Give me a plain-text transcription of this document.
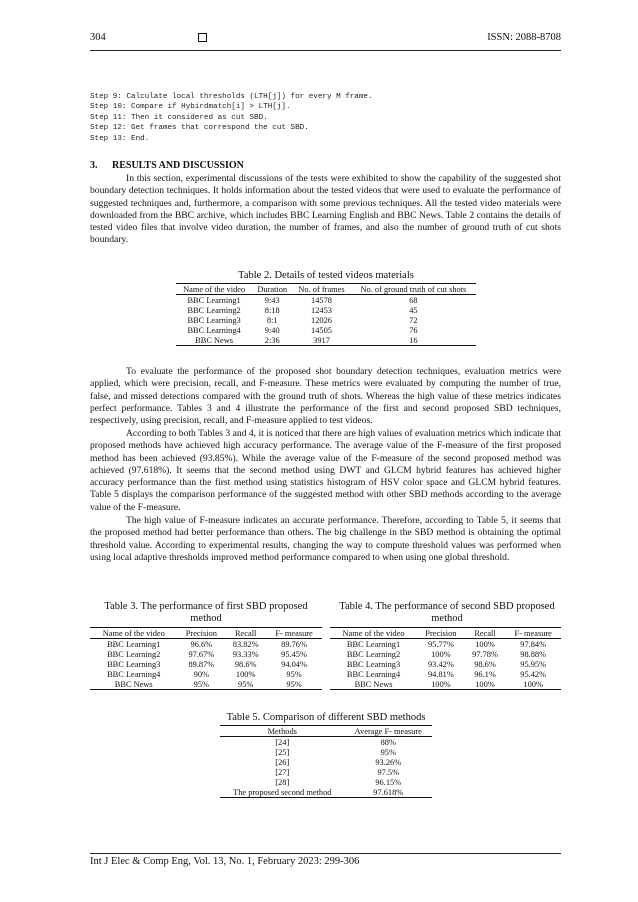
304	ISSN: 2088-8708
Step 9: Calculate local thresholds (LTH[j]) for every M frame.
Step 10: Compare if Hybirdmatch[i] > LTH[j].
Step 11: Then it considered as cut SBD.
Step 12: Get frames that correspond the cut SBD.
Step 13: End.
3. RESULTS AND DISCUSSION
In this section, experimental discussions of the tests were exhibited to show the capability of the suggested shot boundary detection techniques. It holds information about the tested videos that were used to evaluate the performance of suggested techniques and, furthermore, a comparison with some previous techniques. All the tested video materials were downloaded from the BBC archive, which includes BBC Learning English and BBC News. Table 2 contains the details of tested video files that involve video duration, the number of frames, and also the number of ground truth of cut shots boundary.
Table 2. Details of tested videos materials
Name of the video	Duration	No. of frames	No. of ground truth of cut shots
BBC Learning1	9:43	14578	68
BBC Learning2	8:18	12453	45
BBC Learning3	8:1	12026	72
BBC Learning4	9:40	14505	76
BBC News	2:36	3917	16
To evaluate the performance of the proposed shot boundary detection techniques, evaluation metrics were applied, which were precision, recall, and F-measure. These metrics were evaluated by computing the number of true, false, and missed detections compared with the ground truth of shots. Whereas the high value of these metrics indicates perfect performance. Tables 3 and 4 illustrate the performance of the first and second proposed SBD techniques, respectively, using precision, recall, and F-measure applied to test videos.
According to both Tables 3 and 4, it is noticed that there are high values of evaluation metrics which indicate that proposed methods have achieved high accuracy performance. The average value of the F-measure of the first proposed method has been achieved (93.85%). While the average value of the F-measure of the second proposed method was achieved (97.618%). It seems that the second method using DWT and GLCM hybrid features has achieved higher accuracy performance than the first method using statistics histogram of HSV color space and GLCM hybrid features. Table 5 displays the comparison performance of the suggested method with other SBD methods according to the average value of the F-measure.
The high value of F-measure indicates an accurate performance. Therefore, according to Table 5, it seems that the proposed method had better performance than others. The big challenge in the SBD method is obtaining the optimal threshold value. According to experimental results, changing the way to compute threshold values was performed when using local adaptive thresholds improved method performance compared to when using one global threshold.
Table 3. The performance of first SBD proposed method
Name of the video	Precision	Recall	F- measure
BBC Learning1	96.6%	83.82%	89.76%
BBC Learning2	97.67%	93.33%	95.45%
BBC Learning3	89.87%	98.6%	94.04%
BBC Learning4	90%	100%	95%
BBC News	95%	95%	95%
Table 4. The performance of second SBD proposed method
Name of the video	Precision	Recall	F- measure
BBC Learning1	95.77%	100%	97.84%
BBC Learning2	100%	97.78%	98.88%
BBC Learning3	93.42%	98.6%	95.95%
BBC Learning4	94.81%	96.1%	95.42%
BBC News	100%	100%	100%
Table 5. Comparison of different SBD methods
Methods	Average F- measure
[24]	88%
[25]	95%
[26]	93.26%
[27]	97.5%
[28]	96.15%
The proposed second method	97.618%
Int J Elec & Comp Eng, Vol. 13, No. 1, February 2023: 299-306
